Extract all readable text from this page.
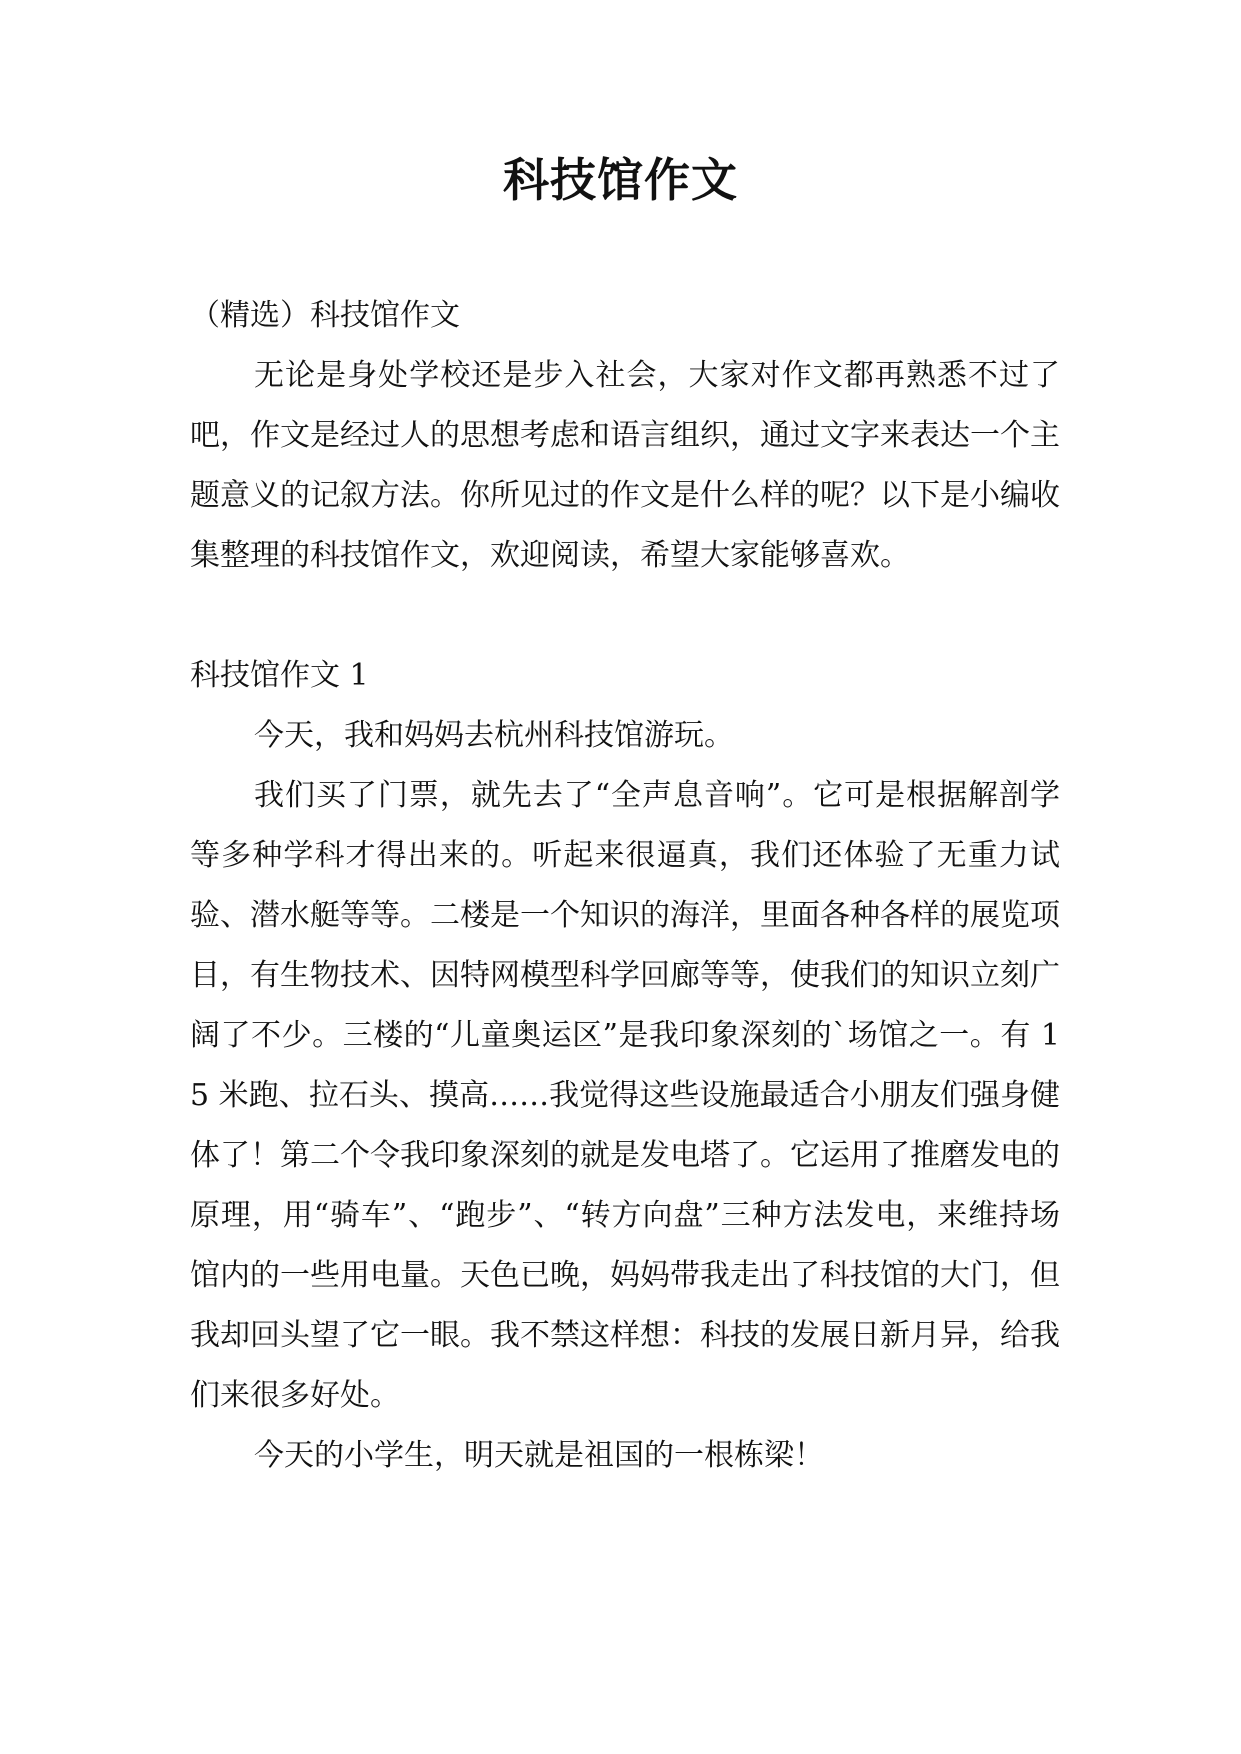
科技馆作文

（精选）科技馆作文

无论是身处学校还是步入社会，大家对作文都再熟悉不过了吧，作文是经过人的思想考虑和语言组织，通过文字来表达一个主题意义的记叙方法。你所见过的作文是什么样的呢？以下是小编收集整理的科技馆作文，欢迎阅读，希望大家能够喜欢。

科技馆作文 1

今天，我和妈妈去杭州科技馆游玩。

我们买了门票，就先去了“全声息音响”。它可是根据解剖学等多种学科才得出来的。听起来很逼真，我们还体验了无重力试验、潜水艇等等。二楼是一个知识的海洋，里面各种各样的展览项目，有生物技术、因特网模型科学回廊等等，使我们的知识立刻广阔了不少。三楼的“儿童奥运区”是我印象深刻的`场馆之一。有 15 米跑、拉石头、摸高……我觉得这些设施最适合小朋友们强身健体了！第二个令我印象深刻的就是发电塔了。它运用了推磨发电的原理，用“骑车”、“跑步”、“转方向盘”三种方法发电，来维持场馆内的一些用电量。天色已晚，妈妈带我走出了科技馆的大门，但我却回头望了它一眼。我不禁这样想：科技的发展日新月异，给我们来很多好处。

今天的小学生，明天就是祖国的一根栋梁！
